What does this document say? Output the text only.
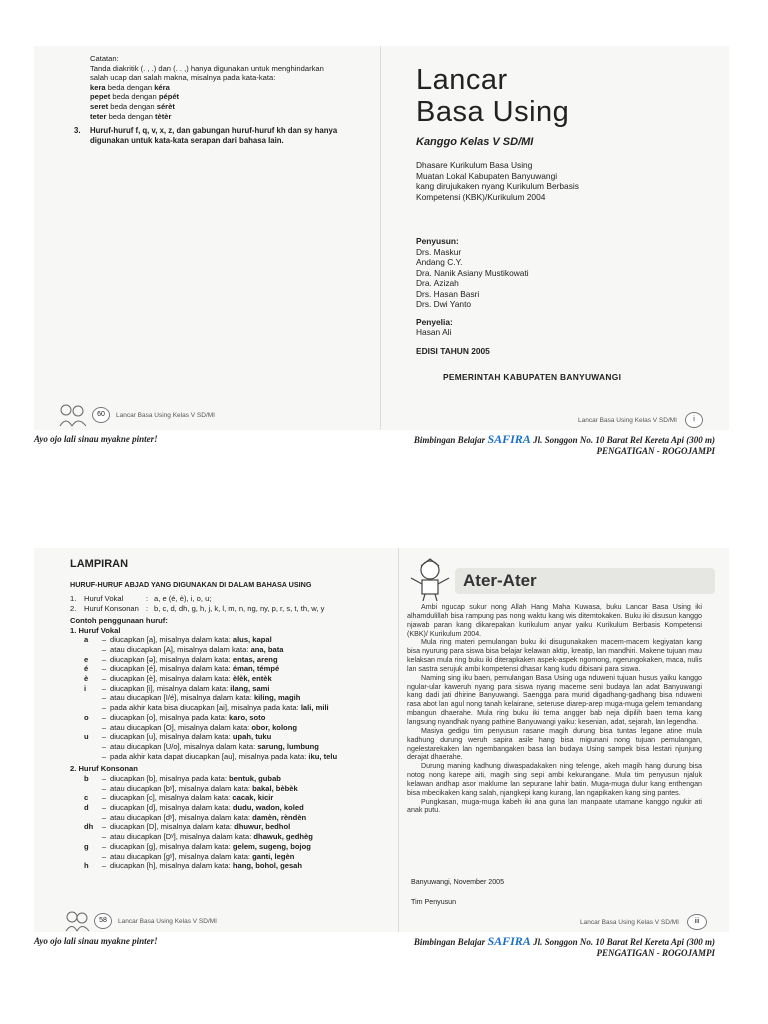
Catatan:
Tanda diakritik (. , .) dan (. . ,) hanya digunakan untuk menghindarkan
salah ucap dan salah makna, misalnya pada kata-kata:
kera beda dengan kéra
pepet beda dengan pépét
seret beda dengan sérèt
teter beda dengan tètèr
3.	Huruf-huruf f, q, v, x, z, dan gabungan huruf-huruf kh dan sy hanya
digunakan untuk kata-kata serapan dari bahasa lain.
60	Lancar Basa Using Kelas V SD/MI
Lancar
Basa Using
Kanggo Kelas V SD/MI
Dhasare Kurikulum Basa Using
Muatan Lokal Kabupaten Banyuwangi
kang dirujukaken nyang Kurikulum Berbasis
Kompetensi (KBK)/Kurikulum 2004
Penyusun:
Drs. Maskur
Andang C.Y.
Dra. Nanik Asiany Mustikowati
Dra. Azizah
Drs. Hasan Basri
Drs. Dwi Yanto
Penyelia:
Hasan Ali
EDISI TAHUN 2005
PEMERINTAH KABUPATEN BANYUWANGI
Lancar Basa Using Kelas V SD/MI	i
Ayo ojo lali sinau myakne pinter!	Bimbingan Belajar SAFIRA Jl. Songgon No. 10 Barat Rel Kereta Api (300 m)
PENGATIGAN - ROGOJAMPI
LAMPIRAN
HURUF-HURUF ABJAD YANG DIGUNAKAN DI DALAM BAHASA USING
1.	Huruf Vokal	: a, e (é, è), i, o, u;
2.	Huruf Konsonan : b, c, d, dh, g, h, j, k, l, m, n, ng, ny, p, r, s, t, th, w, y
Contoh penggunaan huruf:
1. Huruf Vokal
a	– diucapkan [a], misalnya dalam kata: alus, kapal
– atau diucapkan [A], misalnya dalam kata: ana, bata
e	– diucapkan [ə], misalnya dalam kata: entas, areng
é	– diucapkan [é], misalnya dalam kata: éman, témpé
è	– diucapkan [è], misalnya dalam kata: èlèk, entèk
i	– diucapkan [i], misalnya dalam kata: ilang, sami
– atau diucapkan [I/é], misalnya dalam kata: kiling, magih
– pada akhir kata bisa diucapkan [ai], misalnya pada kata: lali, mili
o	– diucapkan [o], misalnya pada kata: karo, soto
– atau diucapkan [O], misalnya dalam kata: obor, kolong
u	– diucapkan [u], misalnya dalam kata: upah, tuku
– atau diucapkan [U/o], misalnya dalam kata: sarung, lumbung
– pada akhir kata dapat diucapkan [au], misalnya pada kata: iku, telu
2. Huruf Konsonan
b	– diucapkan [b], misalnya pada kata: bentuk, gubab
– atau diucapkan [bʸ], misalnya dalam kata: bakal, bèbèk
c	– diucapkan [c], misalnya dalam kata: cacak, kicir
d	– diucapkan [d], misalnya dalam kata: dudu, wadon, koled
– atau diucapkan [dʸ], misalnya dalam kata: damèn, rèndèn
dh	– diucapkan [D], misalnya dalam kata: dhuwur, bedhol
– atau diucapkan [Dʸ], misalnya dalam kata: dhawuk, gedhèg
g	– diucapkan [g], misalnya dalam kata: gelem, sugeng, bojog
– atau diucapkan [gʸ], misalnya dalam kata: ganti, legèn
h	– diucapkan [h], misalnya dalam kata: hang, bohol, gesah
58	Lancar Basa Using Kelas V SD/MI
Ater-Ater

Ambi ngucap sukur nong Allah Hang Maha Kuwasa, buku Lancar Basa Using iki alhamdulillah bisa rampung pas nong waktu kang wis ditemtokaken. Buku iki disusun kanggo njawab paran kang dikarepakan kurikulum anyar yaiku Kurikulum Berbasis Kompetensi (KBK)/ Kurikulum 2004.

Mula ring materi pemulangan buku iki disugunakaken macem-macem kegiyatan kang bisa nyurung para siswa bisa belajar kelawan aktip, kreatip, lan mandhiri. Makene tujuan mau kelaksan mula ring buku iki diterapkaken aspek-aspek ngomong, ngerungokaken, maca, nulis lan sastra serujuk ambi kompetensi dhasar kang kudu dibisani para siswa.

Naming sing iku baen, pemulangan Basa Using uga nduweni tujuan husus yaiku kanggo ngular-ular kaweruh nyang para siswa nyang maceme seni budaya lan adat Banyuwangi kang dadi jati dhirine Banyuwangi. Saengga para murid digadhang-gadhang bisa nduweni rasa abot lan agul nong tanah kelairane, seteruse diarep-arep muga-muga gelem temandang mbangun dhaerahe. Mula ring buku iki tema angger bab neja dipilih baen tema kang langsung nyandhak nyang pathine Banyuwangi yaiku: kesenian, adat, sejarah, lan legendha.

Masiya gedigu tim penyusun rasane magih durung bisa tuntas legane atine mula kadhung durung weruh sapira asile hang bisa migunani nong tujuan pemulangan, ngelestarekaken lan ngembangaken basa lan budaya Using sampek bisa lestari njunjung derajat dhaerahe.

Durung maning kadhung diwaspadakaken ning telenge, akeh magih hang durung bisa notog nong karepe aiti, magih sing sepi ambi kekurangane. Mula tim penyusun njaluk kelawan andhap asor maklume lan sepurane lahir batin. Muga-muga dulur kang enthengan bisa mbecikaken kang salah, njangkepi kang kurang, lan ngapikaken kang sing pantes.

Pungkasan, muga-muga kabeh iki ana guna lan manpaate utamane kanggo ngukir ati anak putu.

Banyuwangi, November 2005
Tim Penyusun
Lancar Basa Using Kelas V SD/MI	iii
Ayo ojo lali sinau myakne pinter!	Bimbingan Belajar SAFIRA Jl. Songgon No. 10 Barat Rel Kereta Api (300 m)
PENGATIGAN - ROGOJAMPI
